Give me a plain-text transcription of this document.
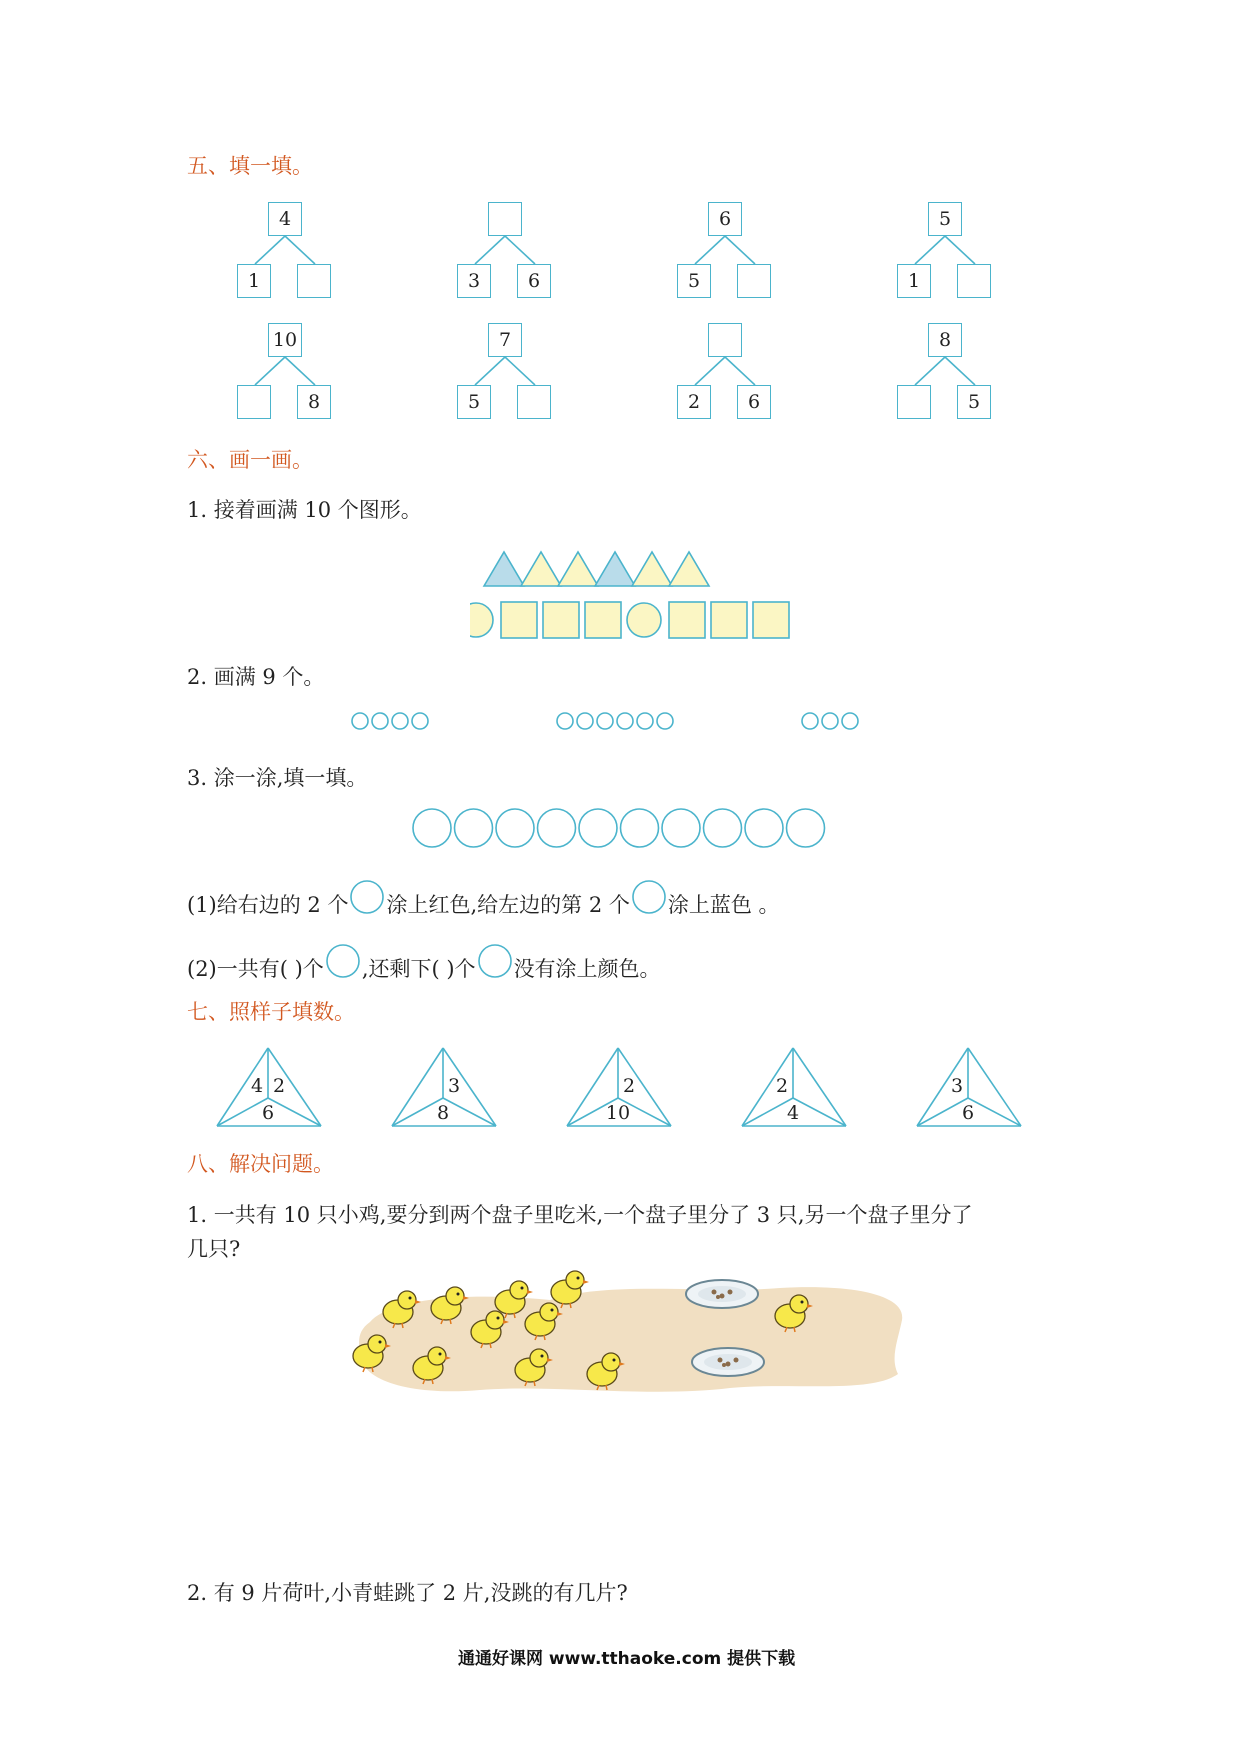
五、填一填。
4
1	3	6
6
5
5
1
10
8
7
5	2	6
8
5
六、画一画。
1. 接着画满 10 个图形。
2. 画满 9 个。
3. 涂一涂,填一填。
(1)给右边的 2 个 涂上红色,给左边的第 2 个 涂上蓝色 。
(2)一共有( )个 ,还剩下( )个 没有涂上颜色。
七、照样子填数。
4 2
6
3
8
2
10
2
4
3
6
八、解决问题。
1. 一共有 10 只小鸡,要分到两个盘子里吃米,一个盘子里分了 3 只,另一个盘子里分了
几只?
2. 有 9 片荷叶,小青蛙跳了 2 片,没跳的有几片?
通通好课网 www.tthaoke.com 提供下载
